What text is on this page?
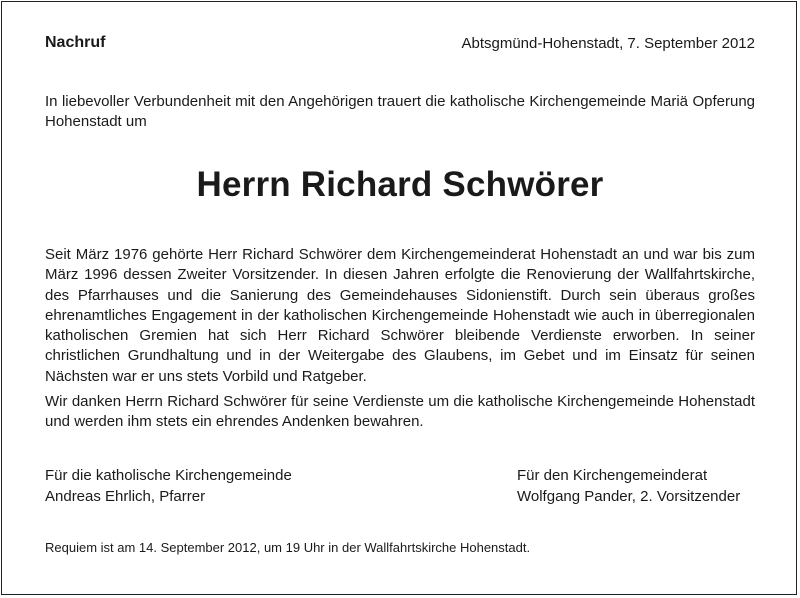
Nachruf	Abtsgmünd-Hohenstadt, 7. September 2012

In liebevoller Verbundenheit mit den Angehörigen trauert die katholische Kirchengemeinde Mariä Opferung Hohenstadt um

Herrn Richard Schwörer

Seit März 1976 gehörte Herr Richard Schwörer dem Kirchengemeinderat Hohenstadt an und war bis zum März 1996 dessen Zweiter Vorsitzender. In diesen Jahren erfolgte die Renovierung der Wallfahrtskirche, des Pfarrhauses und die Sanierung des Gemeindehauses Sidonienstift. Durch sein überaus großes ehrenamtliches Engagement in der katholischen Kirchengemeinde Hohenstadt wie auch in überregionalen katholischen Gremien hat sich Herr Richard Schwörer bleibende Verdienste erworben. In seiner christlichen Grundhaltung und in der Weitergabe des Glaubens, im Gebet und im Einsatz für seinen Nächsten war er uns stets Vorbild und Ratgeber.

Wir danken Herrn Richard Schwörer für seine Verdienste um die katholische Kirchengemeinde Hohenstadt und werden ihm stets ein ehrendes Andenken bewahren.

Für die katholische Kirchengemeinde
Andreas Ehrlich, Pfarrer
Für den Kirchengemeinderat
Wolfgang Pander, 2. Vorsitzender
Requiem ist am 14. September 2012, um 19 Uhr in der Wallfahrtskirche Hohenstadt.
